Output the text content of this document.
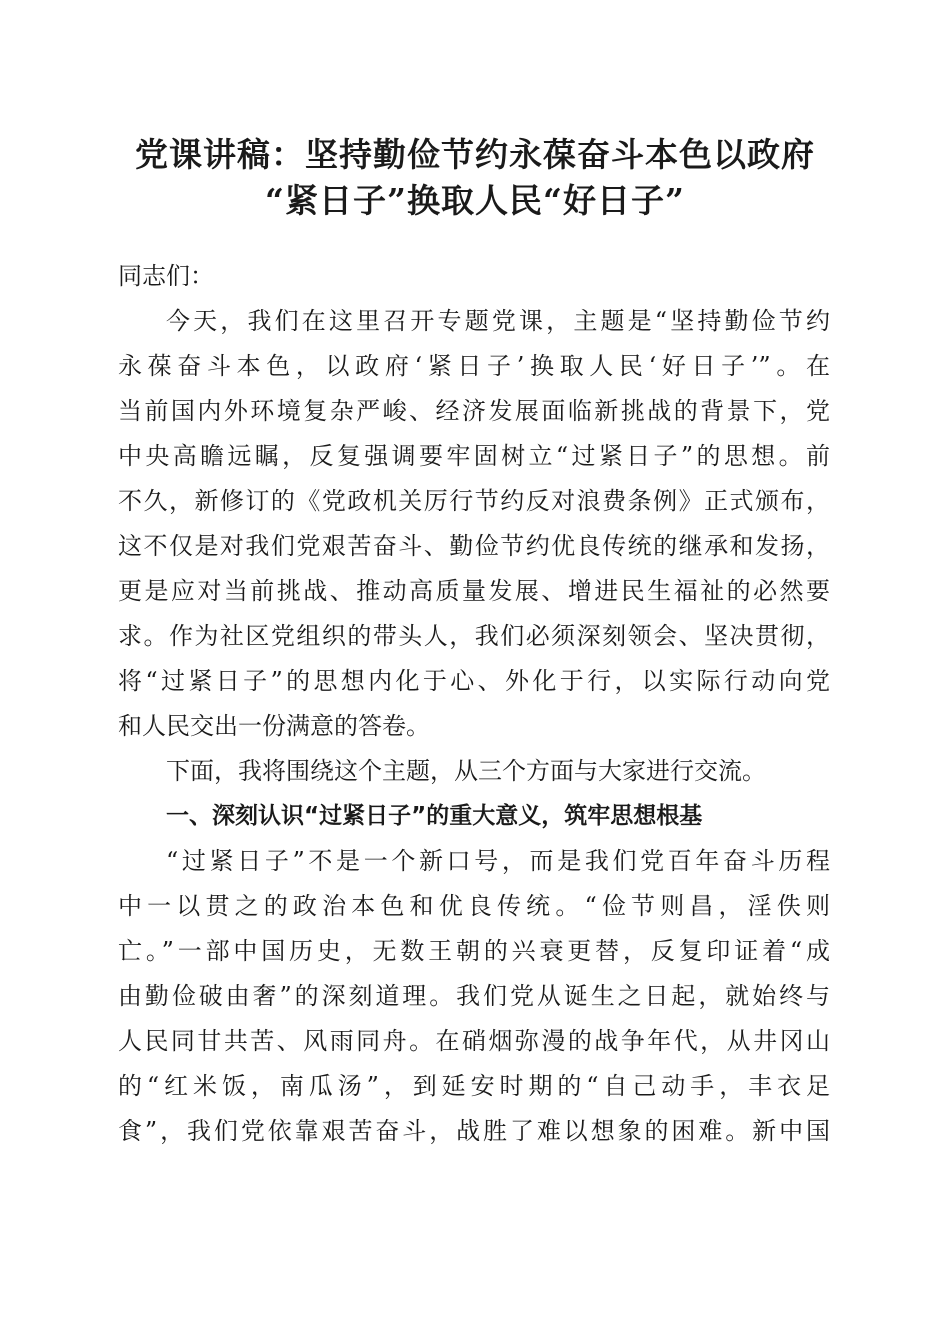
党课讲稿：坚持勤俭节约永葆奋斗本色以政府
“紧日子”换取人民“好日子”
同志们：
今天，我们在这里召开专题党课，主题是“坚持勤俭节约
永葆奋斗本色，以政府‘紧日子’换取人民‘好日子’”。在
当前国内外环境复杂严峻、经济发展面临新挑战的背景下，党
中央高瞻远瞩，反复强调要牢固树立“过紧日子”的思想。前
不久，新修订的《党政机关厉行节约反对浪费条例》正式颁布，
这不仅是对我们党艰苦奋斗、勤俭节约优良传统的继承和发扬，
更是应对当前挑战、推动高质量发展、增进民生福祉的必然要
求。作为社区党组织的带头人，我们必须深刻领会、坚决贯彻，
将“过紧日子”的思想内化于心、外化于行，以实际行动向党
和人民交出一份满意的答卷。
下面，我将围绕这个主题，从三个方面与大家进行交流。
一、深刻认识“过紧日子”的重大意义，筑牢思想根基
“过紧日子”不是一个新口号，而是我们党百年奋斗历程
中一以贯之的政治本色和优良传统。“俭节则昌，淫佚则
亡。”一部中国历史，无数王朝的兴衰更替，反复印证着“成
由勤俭破由奢”的深刻道理。我们党从诞生之日起，就始终与
人民同甘共苦、风雨同舟。在硝烟弥漫的战争年代，从井冈山
的“红米饭，南瓜汤”，到延安时期的“自己动手，丰衣足
食”，我们党依靠艰苦奋斗，战胜了难以想象的困难。新中国
